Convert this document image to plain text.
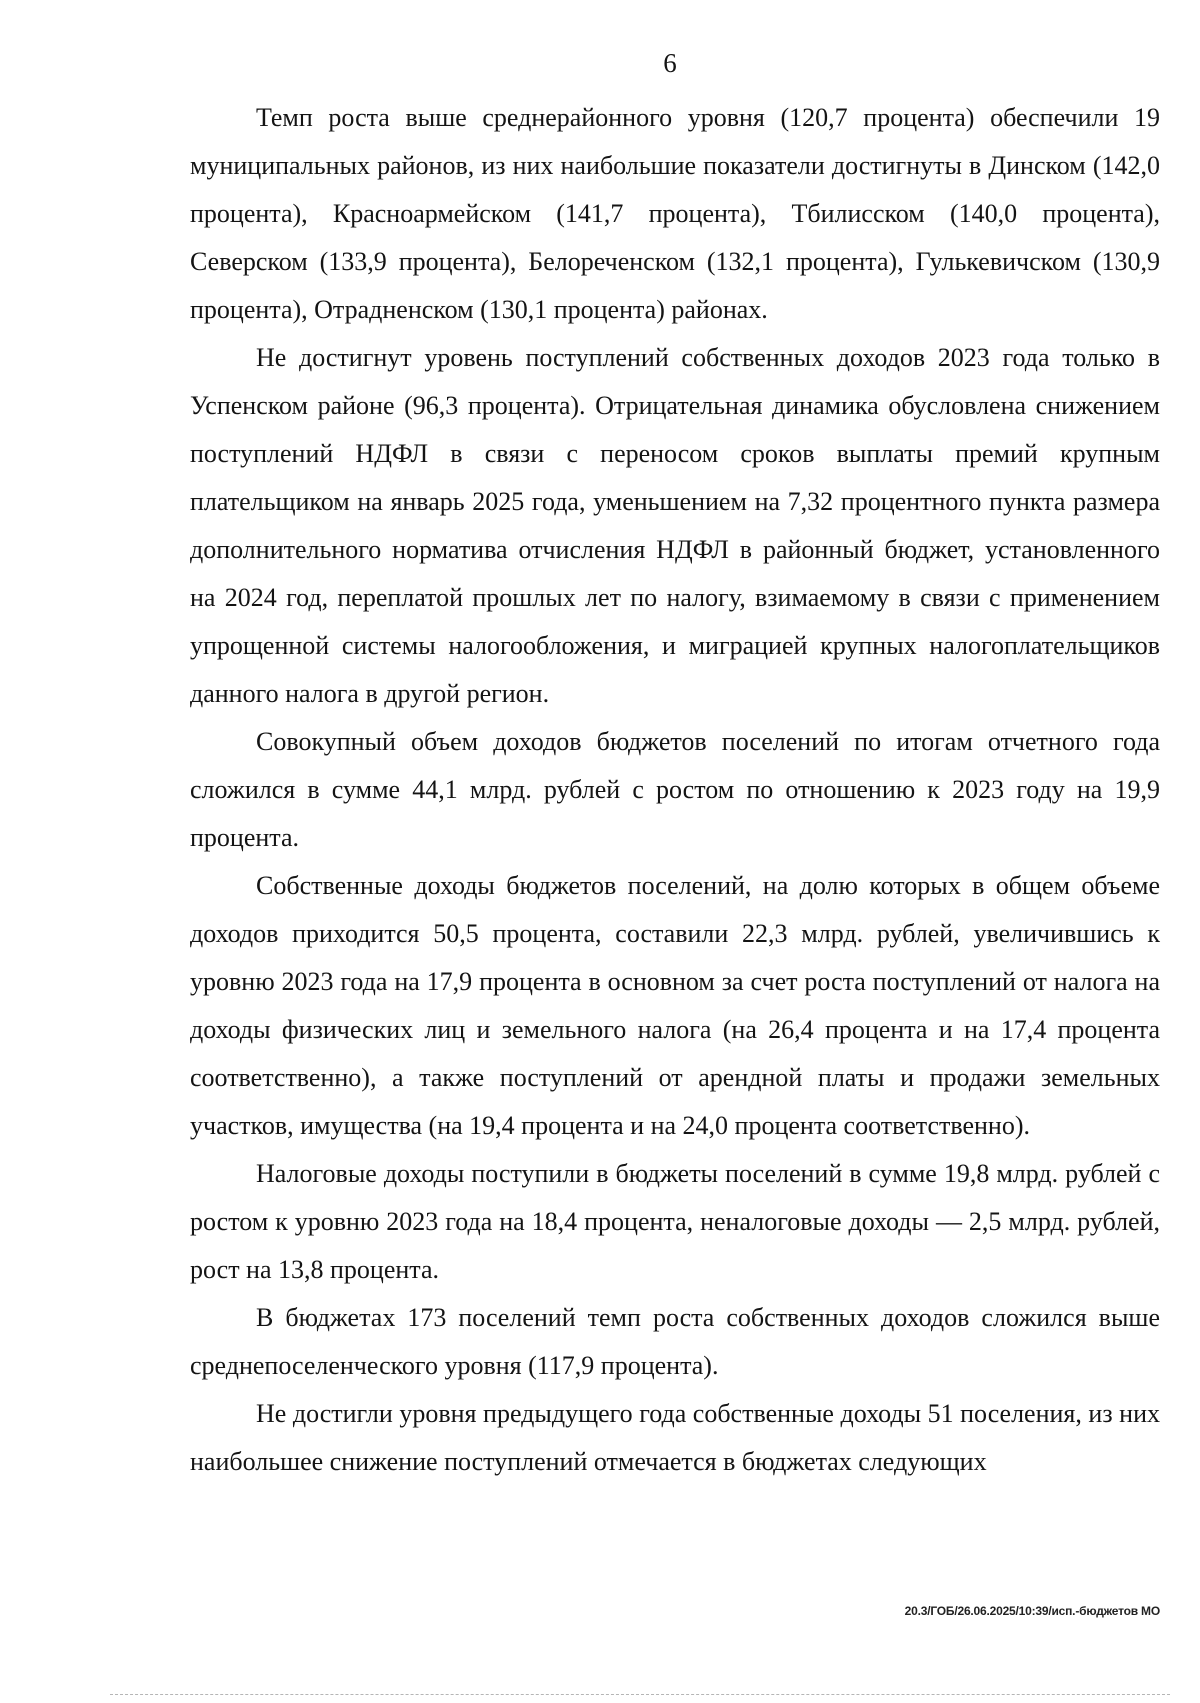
6

Темп роста выше среднерайонного уровня (120,7 процента) обеспечили 19 муниципальных районов, из них наибольшие показатели достигнуты в Динском (142,0 процента), Красноармейском (141,7 процента), Тбилисском (140,0 процента), Северском (133,9 процента), Белореченском (132,1 процента), Гулькевичском (130,9 процента), Отрадненском (130,1 процента) районах.

Не достигнут уровень поступлений собственных доходов 2023 года только в Успенском районе (96,3 процента). Отрицательная динамика обусловлена снижением поступлений НДФЛ в связи с переносом сроков выплаты премий крупным плательщиком на январь 2025 года, уменьшением на 7,32 процентного пункта размера дополнительного норматива отчисления НДФЛ в районный бюджет, установленного на 2024 год, переплатой прошлых лет по налогу, взимаемому в связи с применением упрощенной системы налогообложения, и миграцией крупных налогоплательщиков данного налога в другой регион.

Совокупный объем доходов бюджетов поселений по итогам отчетного года сложился в сумме 44,1 млрд. рублей с ростом по отношению к 2023 году на 19,9 процента.

Собственные доходы бюджетов поселений, на долю которых в общем объеме доходов приходится 50,5 процента, составили 22,3 млрд. рублей, увеличившись к уровню 2023 года на 17,9 процента в основном за счет роста поступлений от налога на доходы физических лиц и земельного налога (на 26,4 процента и на 17,4 процента соответственно), а также поступлений от арендной платы и продажи земельных участков, имущества (на 19,4 процента и на 24,0 процента соответственно).

Налоговые доходы поступили в бюджеты поселений в сумме 19,8 млрд. рублей с ростом к уровню 2023 года на 18,4 процента, неналоговые доходы — 2,5 млрд. рублей, рост на 13,8 процента.

В бюджетах 173 поселений темп роста собственных доходов сложился выше среднепоселенческого уровня (117,9 процента).

Не достигли уровня предыдущего года собственные доходы 51 поселения, из них наибольшее снижение поступлений отмечается в бюджетах следующих

20.3/ГОБ/26.06.2025/10:39/исп.-бюджетов МО
